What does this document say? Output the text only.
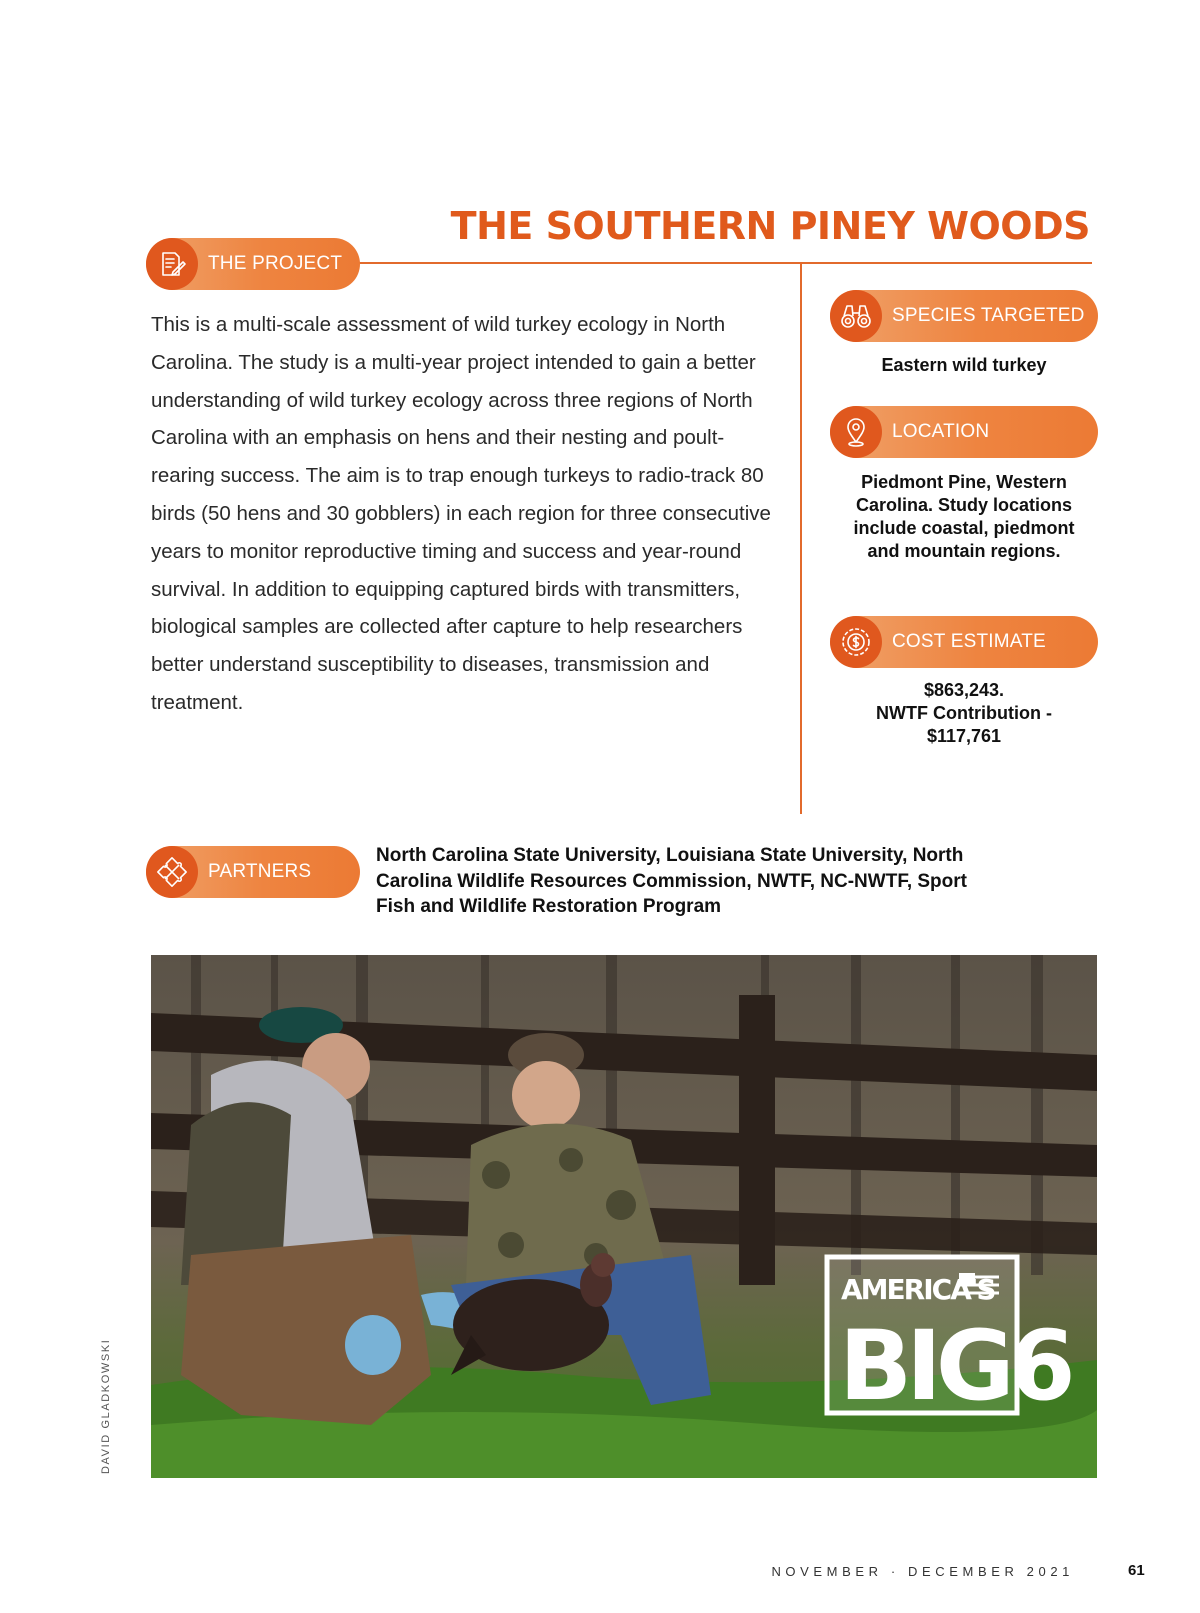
THE SOUTHERN PINEY WOODS
THE PROJECT

This is a multi-scale assessment of wild turkey ecology in North Carolina. The study is a multi-year project intended to gain a better understanding of wild turkey ecology across three regions of North Carolina with an emphasis on hens and their nesting and poult-rearing success. The aim is to trap enough turkeys to radio-track 80 birds (50 hens and 30 gobblers) in each region for three consecutive years to monitor reproductive timing and success and year-round survival. In addition to equipping captured birds with transmitters, biological samples are collected after capture to help researchers better understand susceptibility to diseases, transmission and treatment.

SPECIES TARGETED

Eastern wild turkey

LOCATION

Piedmont Pine, Western Carolina. Study locations include coastal, piedmont and mountain regions.

COST ESTIMATE
$863,243.
NWTF Contribution -
$117,761
PARTNERS

North Carolina State University, Louisiana State University, North Carolina Wildlife Resources Commission, NWTF, NC-NWTF, Sport Fish and Wildlife Restoration Program

AMERICA'S
BIG6
DAVID GLADKOWSKI
NOVEMBER · DECEMBER 2021	61
